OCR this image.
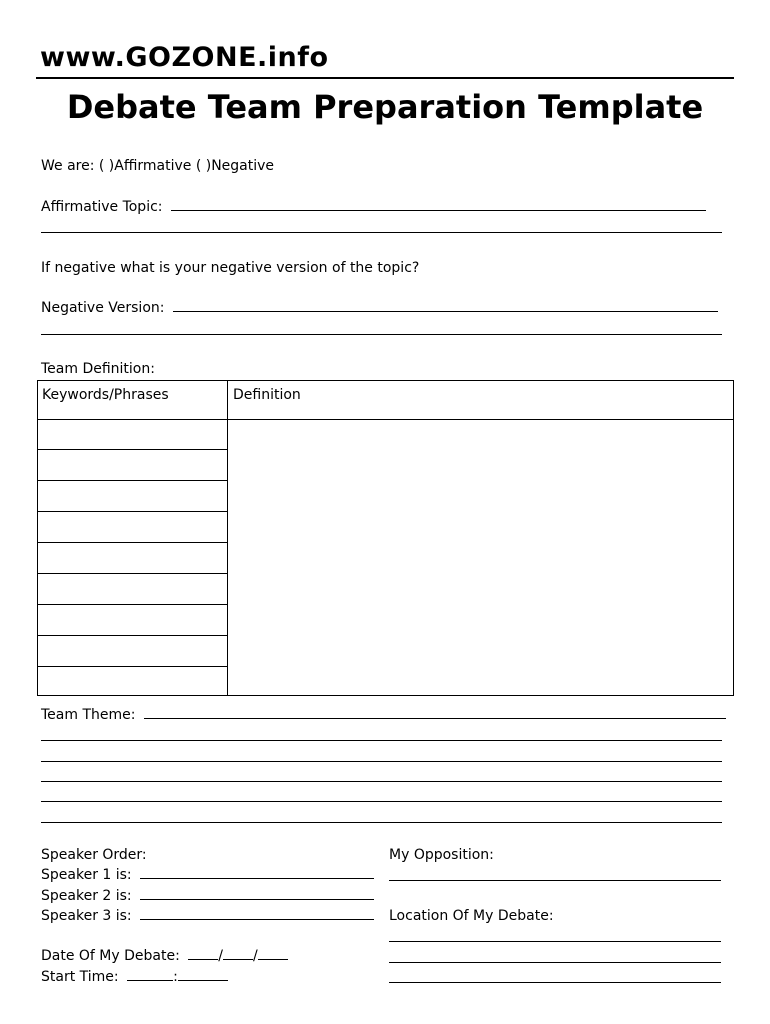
www.GOZONE.info
Debate Team Preparation Template
We are: ( )Affirmative ( )Negative
Affirmative Topic:
If negative what is your negative version of the topic?
Negative Version:
Team Definition:
Keywords/Phrases	Definition
Team Theme:
Speaker Order:
Speaker 1 is:
Speaker 2 is:
Speaker 3 is:
Date Of My Debate:	/ /
Start Time:	:
My Opposition:
Location Of My Debate:
